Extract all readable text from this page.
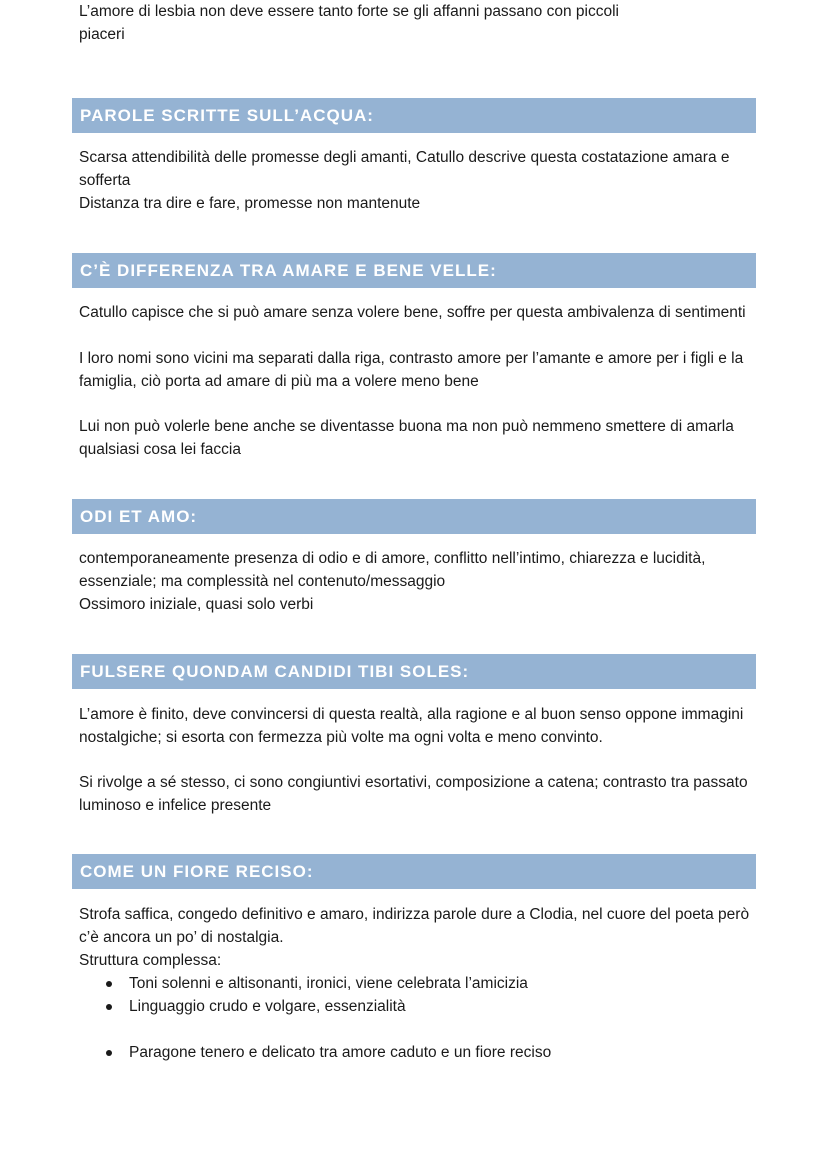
L’amore di lesbia non deve essere tanto forte se gli affanni passano con piccoli
piaceri

PAROLE SCRITTE SULL’ACQUA:

Scarsa attendibilità delle promesse degli amanti, Catullo descrive questa costatazione amara e sofferta

Distanza tra dire e fare, promesse non mantenute

C’È DIFFERENZA TRA AMARE E BENE VELLE:

Catullo capisce che si può amare senza volere bene, soffre per questa ambivalenza di sentimenti

I loro nomi sono vicini ma separati dalla riga, contrasto amore per l’amante e amore per i figli e la famiglia, ciò porta ad amare di più ma a volere meno bene

Lui non può volerle bene anche se diventasse buona ma non può nemmeno smettere di amarla qualsiasi cosa lei faccia

ODI ET AMO:

contemporaneamente presenza di odio e di amore, conflitto nell’intimo, chiarezza e lucidità, essenziale; ma complessità nel contenuto/messaggio

Ossimoro iniziale, quasi solo verbi

FULSERE QUONDAM CANDIDI TIBI SOLES:

L’amore è finito, deve convincersi di questa realtà, alla ragione e al buon senso oppone immagini nostalgiche; si esorta con fermezza più volte ma ogni volta e meno convinto.

Si rivolge a sé stesso, ci sono congiuntivi esortativi, composizione a catena; contrasto tra passato luminoso e infelice presente

COME UN FIORE RECISO:

Strofa saffica, congedo definitivo e amaro, indirizza parole dure a Clodia, nel cuore del poeta però c’è ancora un po’ di nostalgia.

Struttura complessa:

Toni solenni e altisonanti, ironici, viene celebrata l’amicizia
Linguaggio crudo e volgare, essenzialità
Paragone tenero e delicato tra amore caduto e un fiore reciso
